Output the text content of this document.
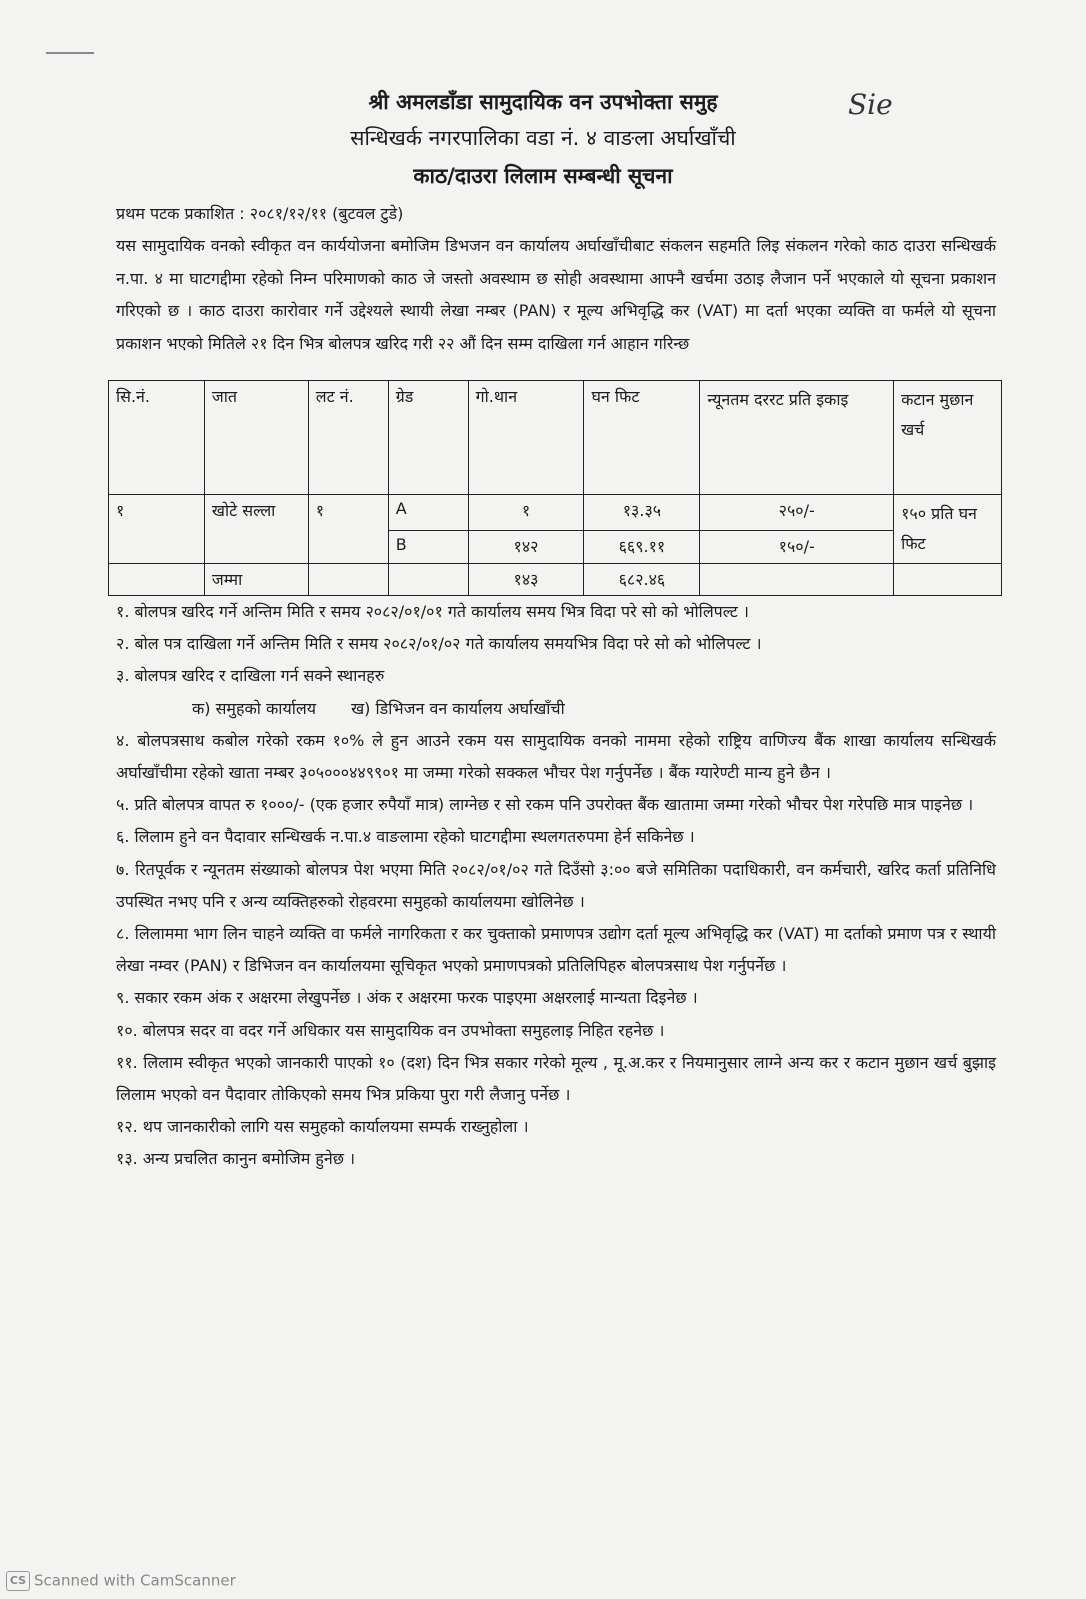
श्री अमलडाँडा सामुदायिक वन उपभोक्ता समुह
सन्धिखर्क नगरपालिका वडा नं. ४ वाङला अर्घाखाँची
काठ/दाउरा लिलाम सम्बन्धी सूचना
Sie
प्रथम पटक प्रकाशित : २०८१/१२/११ (बुटवल टुडे)
यस सामुदायिक वनको स्वीकृत वन कार्ययोजना बमोजिम डिभजन वन कार्यालय अर्घाखाँचीबाट संकलन सहमति लिइ संकलन गरेको काठ दाउरा सन्धिखर्क न.पा. ४ मा घाटगद्दीमा रहेको निम्न परिमाणको काठ जे जस्तो अवस्थाम छ सोही अवस्थामा आफ्नै खर्चमा उठाइ लैजान पर्ने भएकाले यो सूचना प्रकाशन गरिएको छ । काठ दाउरा कारोवार गर्ने उद्देश्यले स्थायी लेखा नम्बर (PAN) र मूल्य अभिवृद्धि कर (VAT) मा दर्ता भएका व्यक्ति वा फर्मले यो सूचना प्रकाशन भएको मितिले २१ दिन भित्र बोलपत्र खरिद गरी २२ औं दिन सम्म दाखिला गर्न आहान गरिन्छ
सि.नं.	जात	लट नं.	ग्रेड	गो.थान	घन फिट	न्यूनतम दररट प्रति इकाइ	कटान मुछान खर्च
१	खोटे सल्ला	१	A	१	१३.३५	२५०/-	१५० प्रति घन फिट
			B	१४२	६६९.११	१५०/-	
	जम्मा			१४३	६८२.४६		

१. बोलपत्र खरिद गर्ने अन्तिम मिति र समय २०८२/०१/०१ गते कार्यालय समय भित्र विदा परे सो को भोलिपल्ट ।

२. बोल पत्र दाखिला गर्ने अन्तिम मिति र समय २०८२/०१/०२ गते कार्यालय समयभित्र विदा परे सो को भोलिपल्ट ।

३. बोलपत्र खरिद र दाखिला गर्न सक्ने स्थानहरु

क) समुहको कार्यालय ख) डिभिजन वन कार्यालय अर्घाखाँची

४. बोलपत्रसाथ कबोल गरेको रकम १०% ले हुन आउने रकम यस सामुदायिक वनको नाममा रहेको राष्ट्रिय वाणिज्य बैंक शाखा कार्यालय सन्धिखर्क अर्घाखाँचीमा रहेको खाता नम्बर ३०५०००४४९९०१ मा जम्मा गरेको सक्कल भौचर पेश गर्नुपर्नेछ । बैंक ग्यारेण्टी मान्य हुने छैन ।

५. प्रति बोलपत्र वापत रु १०००/- (एक हजार रुपैयाँ मात्र) लाग्नेछ र सो रकम पनि उपरोक्त बैंक खातामा जम्मा गरेको भौचर पेश गरेपछि मात्र पाइनेछ ।

६. लिलाम हुने वन पैदावार सन्धिखर्क न.पा.४ वाङलामा रहेको घाटगद्दीमा स्थलगतरुपमा हेर्न सकिनेछ ।

७. रितपूर्वक र न्यूनतम संख्याको बोलपत्र पेश भएमा मिति २०८२/०१/०२ गते दिउँसो ३:०० बजे समितिका पदाधिकारी, वन कर्मचारी, खरिद कर्ता प्रतिनिधि उपस्थित नभए पनि र अन्य व्यक्तिहरुको रोहवरमा समुहको कार्यालयमा खोलिनेछ ।

८. लिलाममा भाग लिन चाहने व्यक्ति वा फर्मले नागरिकता र कर चुक्ताको प्रमाणपत्र उद्योग दर्ता मूल्य अभिवृद्धि कर (VAT) मा दर्ताको प्रमाण पत्र र स्थायी लेखा नम्वर (PAN) र डिभिजन वन कार्यालयमा सूचिकृत भएको प्रमाणपत्रको प्रतिलिपिहरु बोलपत्रसाथ पेश गर्नुपर्नेछ ।

९. सकार रकम अंक र अक्षरमा लेखुपर्नेछ । अंक र अक्षरमा फरक पाइएमा अक्षरलाई मान्यता दिइनेछ ।

१०. बोलपत्र सदर वा वदर गर्ने अधिकार यस सामुदायिक वन उपभोक्ता समुहलाइ निहित रहनेछ ।

११. लिलाम स्वीकृत भएको जानकारी पाएको १० (दश) दिन भित्र सकार गरेको मूल्य , मू.अ.कर र नियमानुसार लाग्ने अन्य कर र कटान मुछान खर्च बुझाइ लिलाम भएको वन पैदावार तोकिएको समय भित्र प्रकिया पुरा गरी लैजानु पर्नेछ ।

१२. थप जानकारीको लागि यस समुहको कार्यालयमा सम्पर्क राख्नुहोला ।

१३. अन्य प्रचलित कानुन बमोजिम हुनेछ ।

CS Scanned with CamScanner
